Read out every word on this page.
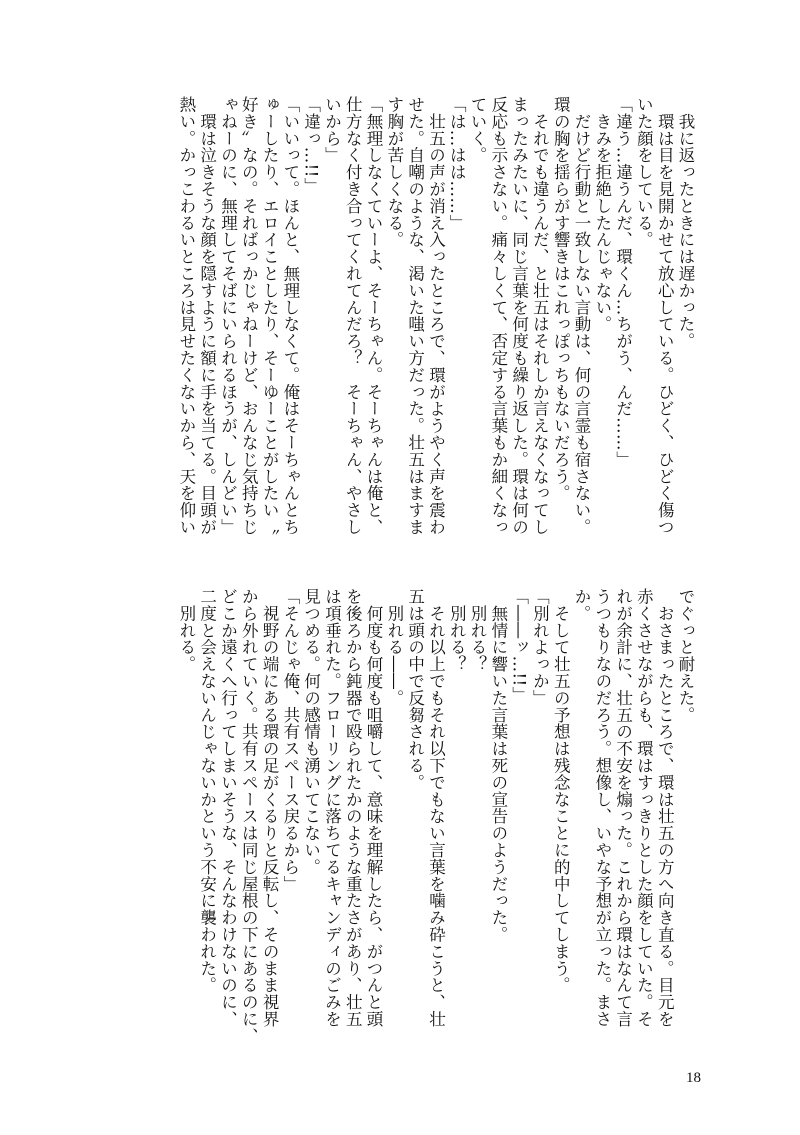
　我に返ったときには遅かった。
　環は目を見開かせて放心している。ひどく、ひどく傷つ
いた顔をしている。
「違う…違うんだ、環くん…ちがう、んだ……」
　きみを拒絶したんじゃない。
　だけど行動と一致しない言動は、何の言霊も宿さない。
環の胸を揺らがす響きはこれっぽっちもないだろう。
　それでも違うんだ、と壮五はそれしか言えなくなってし
まったみたいに、同じ言葉を何度も繰り返した。環は何の
反応も示さない。痛々しくて、否定する言葉もか細くなっ
ていく。
「は…はは……」
　壮五の声が消え入ったところで、環がようやく声を震わ
せた。自嘲のような、渇いた嗤い方だった。壮五はますま
す胸が苦しくなる。
「無理しなくていーよ、そーちゃん。そーちゃんは俺と、
仕方なく付き合ってくれてんだろ？　そーちゃん、やさし
いから」
「違っ…!!」
「いいって。ほんと、無理しなくて。俺はそーちゃんとち
ゅーしたり、エロイことしたり、そーゆーことがしたい〝
好き〟なの。そればっかじゃねーけど、おんなじ気持ちじ
ゃねーのに、無理してそばにいられるほうが、しんどい」
　環は泣きそうな顔を隠すように額に手を当てる。目頭が
熱い。かっこわるいところは見せたくないから、天を仰い
でぐっと耐えた。
　おさまったところで、環は壮五の方へ向き直る。目元を
赤くさせながらも、環はすっきりとした顔をしていた。そ
れが余計に、壮五の不安を煽った。これから環はなんて言
うつもりなのだろう。想像し、いやな予想が立った。まさ
か。
　そして壮五の予想は残念なことに的中してしまう。
「別れよっか」
「――ッ…!!」
　無情に響いた言葉は死の宣告のようだった。
　別れる？
　別れる？
　それ以上でもそれ以下でもない言葉を噛み砕こうと、壮
五は頭の中で反芻される。
　別れる――。
　何度も何度も咀嚼して、意味を理解したら、がつんと頭
を後ろから鈍器で殴られたかのような重たさがあり、壮五
は項垂れた。フローリングに落ちてるキャンディのごみを
見つめる。何の感情も湧いてこない。
「そんじゃ俺、共有スペース戻るから」
　視野の端にある環の足がくるりと反転し、そのまま視界
から外れていく。共有スペースは同じ屋根の下にあるのに、
どこか遠くへ行ってしまいそうな、そんなわけないのに、
二度と会えないんじゃないかという不安に襲われた。
　別れる。
18
